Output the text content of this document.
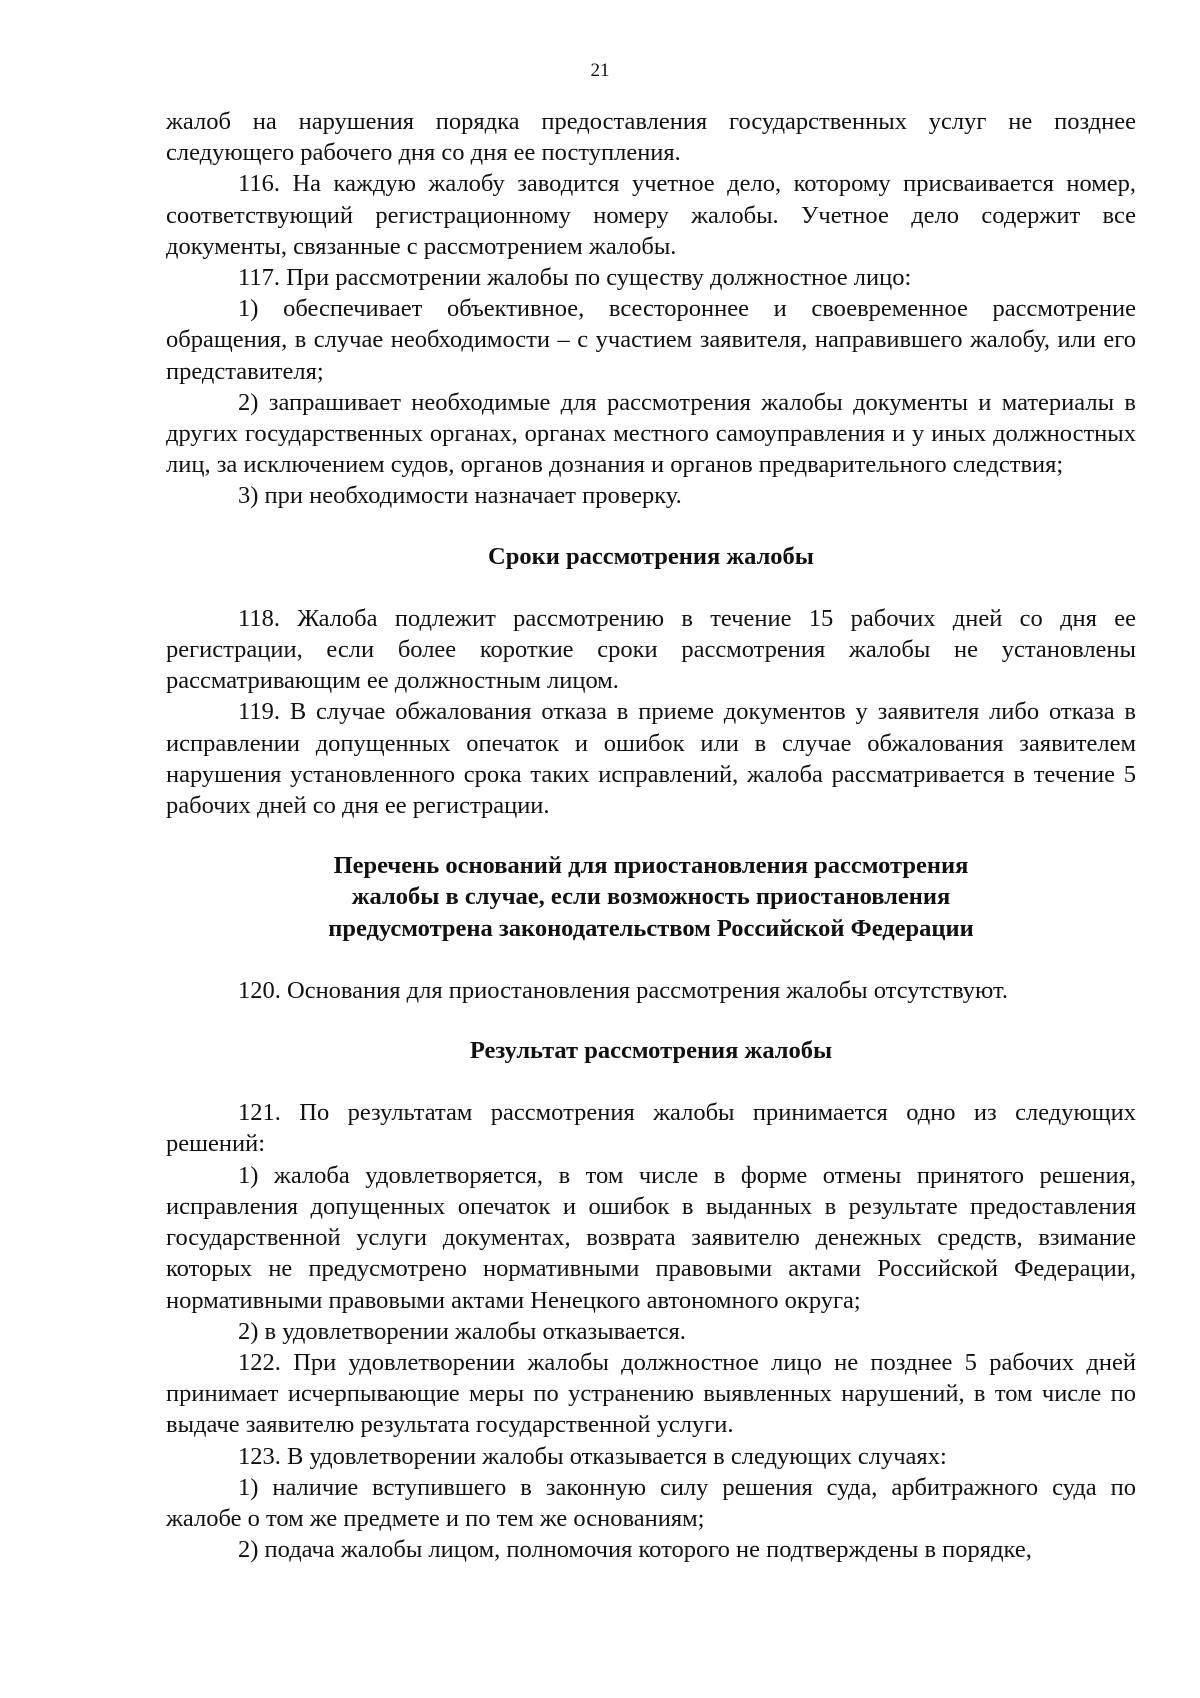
21

жалоб на нарушения порядка предоставления государственных услуг не позднее следующего рабочего дня со дня ее поступления.

116. На каждую жалобу заводится учетное дело, которому присваивается номер, соответствующий регистрационному номеру жалобы. Учетное дело содержит все документы, связанные с рассмотрением жалобы.

117. При рассмотрении жалобы по существу должностное лицо:

1) обеспечивает объективное, всестороннее и своевременное рассмотрение обращения, в случае необходимости – с участием заявителя, направившего жалобу, или его представителя;

2) запрашивает необходимые для рассмотрения жалобы документы и материалы в других государственных органах, органах местного самоуправления и у иных должностных лиц, за исключением судов, органов дознания и органов предварительного следствия;

3) при необходимости назначает проверку.

Сроки рассмотрения жалобы

118. Жалоба подлежит рассмотрению в течение 15 рабочих дней со дня ее регистрации, если более короткие сроки рассмотрения жалобы не установлены рассматривающим ее должностным лицом.

119. В случае обжалования отказа в приеме документов у заявителя либо отказа в исправлении допущенных опечаток и ошибок или в случае обжалования заявителем нарушения установленного срока таких исправлений, жалоба рассматривается в течение 5 рабочих дней со дня ее регистрации.

Перечень оснований для приостановления рассмотрения

жалобы в случае, если возможность приостановления

предусмотрена законодательством Российской Федерации

120. Основания для приостановления рассмотрения жалобы отсутствуют.

Результат рассмотрения жалобы

121. По результатам рассмотрения жалобы принимается одно из следующих решений:

1) жалоба удовлетворяется, в том числе в форме отмены принятого решения, исправления допущенных опечаток и ошибок в выданных в результате предоставления государственной услуги документах, возврата заявителю денежных средств, взимание которых не предусмотрено нормативными правовыми актами Российской Федерации, нормативными правовыми актами Ненецкого автономного округа;

2) в удовлетворении жалобы отказывается.

122. При удовлетворении жалобы должностное лицо не позднее 5 рабочих дней принимает исчерпывающие меры по устранению выявленных нарушений, в том числе по выдаче заявителю результата государственной услуги.

123. В удовлетворении жалобы отказывается в следующих случаях:

1) наличие вступившего в законную силу решения суда, арбитражного суда по жалобе о том же предмете и по тем же основаниям;

2) подача жалобы лицом, полномочия которого не подтверждены в порядке,
